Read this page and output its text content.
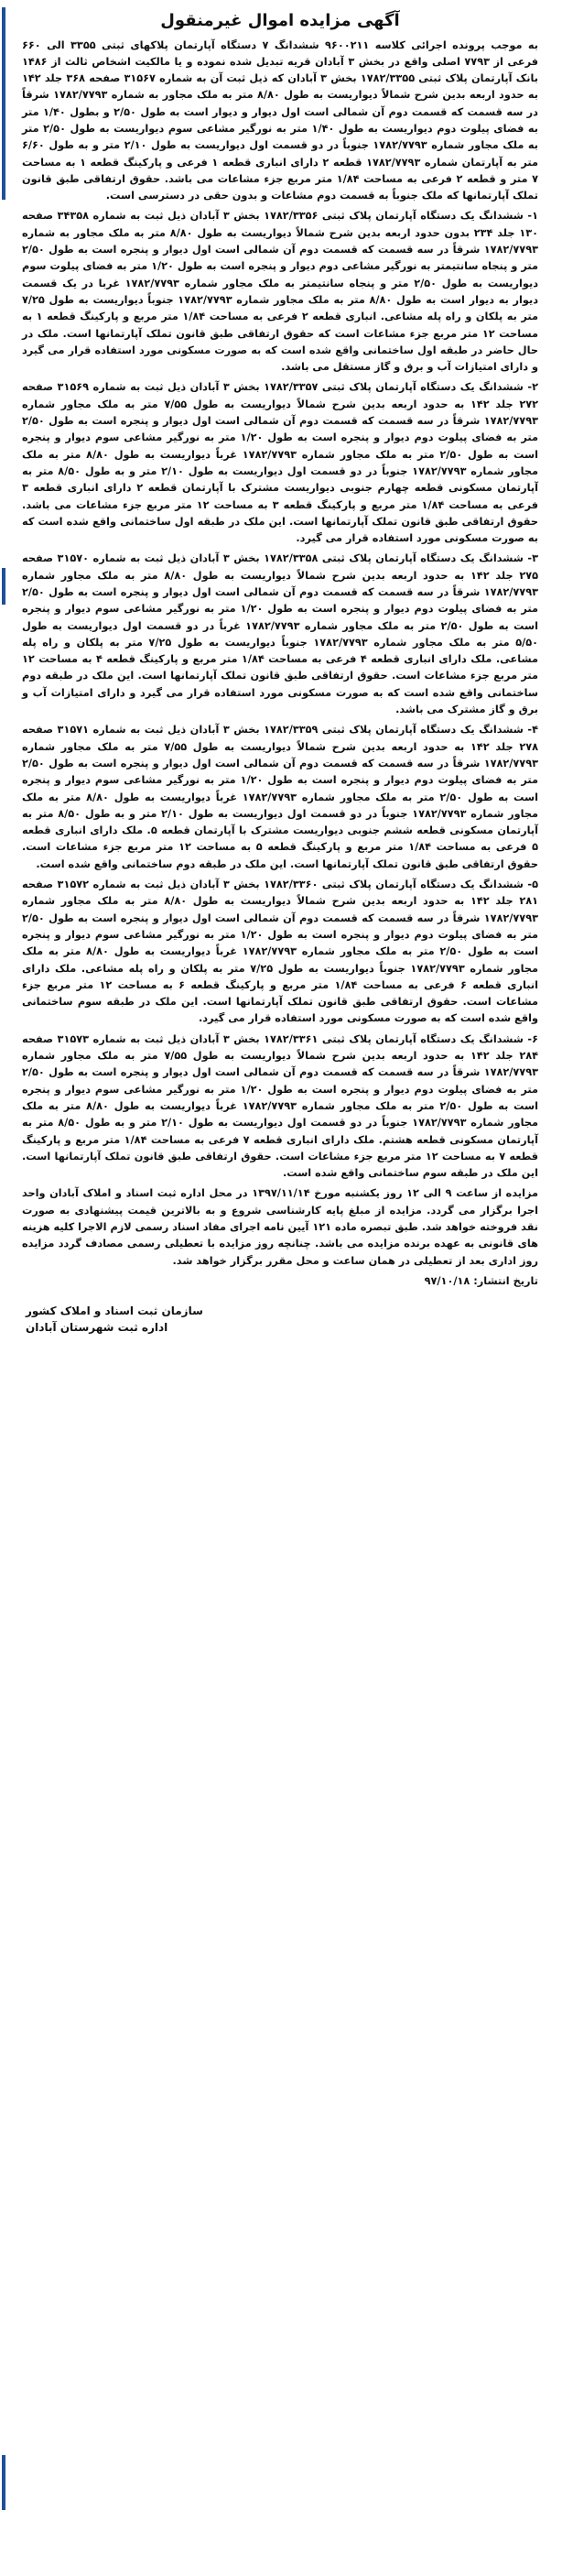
آگهی مزایده اموال غیرمنقول

به موجب پرونده اجرائی کلاسه ۹۶۰۰۲۱۱ ششدانگ ۷ دستگاه آپارتمان پلاکهای ثبتی ۳۳۵۵ الی ۶۶۰ فرعی از ۷۷۹۳ اصلی واقع در بخش ۳ آبادان قریه تبدیل شده نموده و یا مالکیت اشخاص ثالث از ۱۴۸۶ بانک آپارتمان پلاک ثبتی ۱۷۸۲/۳۳۵۵ بخش ۳ آبادان که ذیل ثبت آن به شماره ۳۱۵۶۷ صفحه ۳۶۸ جلد ۱۴۲ به حدود اربعه بدین شرح شمالاً دیواریست به طول ۸/۸۰ متر به ملک مجاور به شماره ۱۷۸۲/۷۷۹۳ شرقاً در سه قسمت که قسمت دوم آن شمالی است اول دیوار و دیوار است به طول ۲/۵۰ و بطول ۱/۴۰ متر به فضای پیلوت دوم دیواریست به طول ۱/۴۰ متر به نورگیر مشاعی سوم دیواریست به طول ۲/۵۰ متر به ملک مجاور شماره ۱۷۸۲/۷۷۹۳ جنوباً در دو قسمت اول دیواریست به طول ۲/۱۰ متر و به طول ۶/۶۰ متر به آپارتمان شماره ۱۷۸۲/۷۷۹۳ قطعه ۲ دارای انباری قطعه ۱ فرعی و پارکینگ قطعه ۱ به مساحت ۷ متر و قطعه ۲ فرعی به مساحت ۱/۸۴ متر مربع جزء مشاعات می باشد. حقوق ارتفاقی طبق قانون تملک آپارتمانها که ملک جنوباً به قسمت دوم مشاعات و بدون حقی در دسترسی است.

۱- ششدانگ یک دستگاه آپارتمان پلاک ثبتی ۱۷۸۲/۳۳۵۶ بخش ۳ آبادان ذیل ثبت به شماره ۳۴۳۵۸ صفحه ۱۳۰ جلد ۲۳۴ بدون حدود اربعه بدین شرح شمالاً دیواریست به طول ۸/۸۰ متر به ملک مجاور به شماره ۱۷۸۲/۷۷۹۳ شرقاً در سه قسمت که قسمت دوم آن شمالی است اول دیوار و پنجره است به طول ۲/۵۰ متر و پنجاه سانتیمتر به نورگیر مشاعی دوم دیوار و پنجره است به طول ۱/۲۰ متر به فضای پیلوت سوم دیواریست به طول ۲/۵۰ متر و پنجاه سانتیمتر به ملک مجاور شماره ۱۷۸۲/۷۷۹۳ غربا در یک قسمت دیوار به دیوار است به طول ۸/۸۰ متر به ملک مجاور شماره ۱۷۸۲/۷۷۹۳ جنوباً دیواریست به طول ۷/۲۵ متر به پلکان و راه پله مشاعی. انباری قطعه ۲ فرعی به مساحت ۱/۸۴ متر مربع و پارکینگ قطعه ۱ به مساحت ۱۲ متر مربع جزء مشاعات است که حقوق ارتفاقی طبق قانون تملک آپارتمانها است. ملک در حال حاضر در طبقه اول ساختمانی واقع شده است که به صورت مسکونی مورد استفاده قرار می گیرد و دارای امتیازات آب و برق و گاز مستقل می باشد.

۲- ششدانگ یک دستگاه آپارتمان پلاک ثبتی ۱۷۸۲/۳۳۵۷ بخش ۳ آبادان ذیل ثبت به شماره ۳۱۵۶۹ صفحه ۲۷۲ جلد ۱۴۲ به حدود اربعه بدین شرح شمالاً دیواریست به طول ۷/۵۵ متر به ملک مجاور شماره ۱۷۸۲/۷۷۹۳ شرقاً در سه قسمت که قسمت دوم آن شمالی است اول دیوار و پنجره است به طول ۲/۵۰ متر به فضای پیلوت دوم دیوار و پنجره است به طول ۱/۲۰ متر به نورگیر مشاعی سوم دیوار و پنجره است به طول ۲/۵۰ متر به ملک مجاور شماره ۱۷۸۲/۷۷۹۳ غرباً دیواریست به طول ۸/۸۰ متر به ملک مجاور شماره ۱۷۸۲/۷۷۹۳ جنوباً در دو قسمت اول دیواریست به طول ۲/۱۰ متر و به طول ۸/۵۰ متر به آپارتمان مسکونی قطعه چهارم جنوبی دیواریست مشترک با آپارتمان قطعه ۲ دارای انباری قطعه ۳ فرعی به مساحت ۱/۸۴ متر مربع و پارکینگ قطعه ۳ به مساحت ۱۲ متر مربع جزء مشاعات می باشد. حقوق ارتفاقی طبق قانون تملک آپارتمانها است. این ملک در طبقه اول ساختمانی واقع شده است که به صورت مسکونی مورد استفاده قرار می گیرد.

۳- ششدانگ یک دستگاه آپارتمان پلاک ثبتی ۱۷۸۲/۳۳۵۸ بخش ۳ آبادان ذیل ثبت به شماره ۳۱۵۷۰ صفحه ۲۷۵ جلد ۱۴۲ به حدود اربعه بدین شرح شمالاً دیواریست به طول ۸/۸۰ متر به ملک مجاور شماره ۱۷۸۲/۷۷۹۳ شرقاً در سه قسمت که قسمت دوم آن شمالی است اول دیوار و پنجره است به طول ۲/۵۰ متر به فضای پیلوت دوم دیوار و پنجره است به طول ۱/۲۰ متر به نورگیر مشاعی سوم دیوار و پنجره است به طول ۲/۵۰ متر به ملک مجاور شماره ۱۷۸۲/۷۷۹۳ غرباً در دو قسمت اول دیواریست به طول ۵/۵۰ متر به ملک مجاور شماره ۱۷۸۲/۷۷۹۳ جنوباً دیواریست به طول ۷/۲۵ متر به پلکان و راه پله مشاعی. ملک دارای انباری قطعه ۴ فرعی به مساحت ۱/۸۴ متر مربع و پارکینگ قطعه ۴ به مساحت ۱۲ متر مربع جزء مشاعات است. حقوق ارتفاقی طبق قانون تملک آپارتمانها است. این ملک در طبقه دوم ساختمانی واقع شده است که به صورت مسکونی مورد استفاده قرار می گیرد و دارای امتیازات آب و برق و گاز مشترک می باشد.

۴- ششدانگ یک دستگاه آپارتمان پلاک ثبتی ۱۷۸۲/۳۳۵۹ بخش ۳ آبادان ذیل ثبت به شماره ۳۱۵۷۱ صفحه ۲۷۸ جلد ۱۴۲ به حدود اربعه بدین شرح شمالاً دیواریست به طول ۷/۵۵ متر به ملک مجاور شماره ۱۷۸۲/۷۷۹۳ شرقاً در سه قسمت که قسمت دوم آن شمالی است اول دیوار و پنجره است به طول ۲/۵۰ متر به فضای پیلوت دوم دیوار و پنجره است به طول ۱/۲۰ متر به نورگیر مشاعی سوم دیوار و پنجره است به طول ۲/۵۰ متر به ملک مجاور شماره ۱۷۸۲/۷۷۹۳ غرباً دیواریست به طول ۸/۸۰ متر به ملک مجاور شماره ۱۷۸۲/۷۷۹۳ جنوباً در دو قسمت اول دیواریست به طول ۲/۱۰ متر و به طول ۸/۵۰ متر به آپارتمان مسکونی قطعه ششم جنوبی دیواریست مشترک با آپارتمان قطعه ۵. ملک دارای انباری قطعه ۵ فرعی به مساحت ۱/۸۴ متر مربع و پارکینگ قطعه ۵ به مساحت ۱۲ متر مربع جزء مشاعات است. حقوق ارتفاقی طبق قانون تملک آپارتمانها است. این ملک در طبقه دوم ساختمانی واقع شده است.

۵- ششدانگ یک دستگاه آپارتمان پلاک ثبتی ۱۷۸۲/۳۳۶۰ بخش ۳ آبادان ذیل ثبت به شماره ۳۱۵۷۲ صفحه ۲۸۱ جلد ۱۴۲ به حدود اربعه بدین شرح شمالاً دیواریست به طول ۸/۸۰ متر به ملک مجاور شماره ۱۷۸۲/۷۷۹۳ شرقاً در سه قسمت که قسمت دوم آن شمالی است اول دیوار و پنجره است به طول ۲/۵۰ متر به فضای پیلوت دوم دیوار و پنجره است به طول ۱/۲۰ متر به نورگیر مشاعی سوم دیوار و پنجره است به طول ۲/۵۰ متر به ملک مجاور شماره ۱۷۸۲/۷۷۹۳ غرباً دیواریست به طول ۸/۸۰ متر به ملک مجاور شماره ۱۷۸۲/۷۷۹۳ جنوباً دیواریست به طول ۷/۲۵ متر به پلکان و راه پله مشاعی. ملک دارای انباری قطعه ۶ فرعی به مساحت ۱/۸۴ متر مربع و پارکینگ قطعه ۶ به مساحت ۱۲ متر مربع جزء مشاعات است. حقوق ارتفاقی طبق قانون تملک آپارتمانها است. این ملک در طبقه سوم ساختمانی واقع شده است که به صورت مسکونی مورد استفاده قرار می گیرد.

۶- ششدانگ یک دستگاه آپارتمان پلاک ثبتی ۱۷۸۲/۳۳۶۱ بخش ۳ آبادان ذیل ثبت به شماره ۳۱۵۷۳ صفحه ۲۸۴ جلد ۱۴۲ به حدود اربعه بدین شرح شمالاً دیواریست به طول ۷/۵۵ متر به ملک مجاور شماره ۱۷۸۲/۷۷۹۳ شرقاً در سه قسمت که قسمت دوم آن شمالی است اول دیوار و پنجره است به طول ۲/۵۰ متر به فضای پیلوت دوم دیوار و پنجره است به طول ۱/۲۰ متر به نورگیر مشاعی سوم دیوار و پنجره است به طول ۲/۵۰ متر به ملک مجاور شماره ۱۷۸۲/۷۷۹۳ غرباً دیواریست به طول ۸/۸۰ متر به ملک مجاور شماره ۱۷۸۲/۷۷۹۳ جنوباً در دو قسمت اول دیواریست به طول ۲/۱۰ متر و به طول ۸/۵۰ متر به آپارتمان مسکونی قطعه هشتم. ملک دارای انباری قطعه ۷ فرعی به مساحت ۱/۸۴ متر مربع و پارکینگ قطعه ۷ به مساحت ۱۲ متر مربع جزء مشاعات است. حقوق ارتفاقی طبق قانون تملک آپارتمانها است. این ملک در طبقه سوم ساختمانی واقع شده است.

مزایده از ساعت ۹ الی ۱۲ روز یکشنبه مورخ ۱۳۹۷/۱۱/۱۴ در محل اداره ثبت اسناد و املاک آبادان واحد اجرا برگزار می گردد. مزایده از مبلغ پایه کارشناسی شروع و به بالاترین قیمت پیشنهادی به صورت نقد فروخته خواهد شد. طبق تبصره ماده ۱۲۱ آیین نامه اجرای مفاد اسناد رسمی لازم الاجرا کلیه هزینه های قانونی به عهده برنده مزایده می باشد. چنانچه روز مزایده با تعطیلی رسمی مصادف گردد مزایده روز اداری بعد از تعطیلی در همان ساعت و محل مقرر برگزار خواهد شد.

تاریخ انتشار: ۹۷/۱۰/۱۸

سازمان ثبت اسناد و املاک کشور
اداره ثبت شهرستان آبادان
